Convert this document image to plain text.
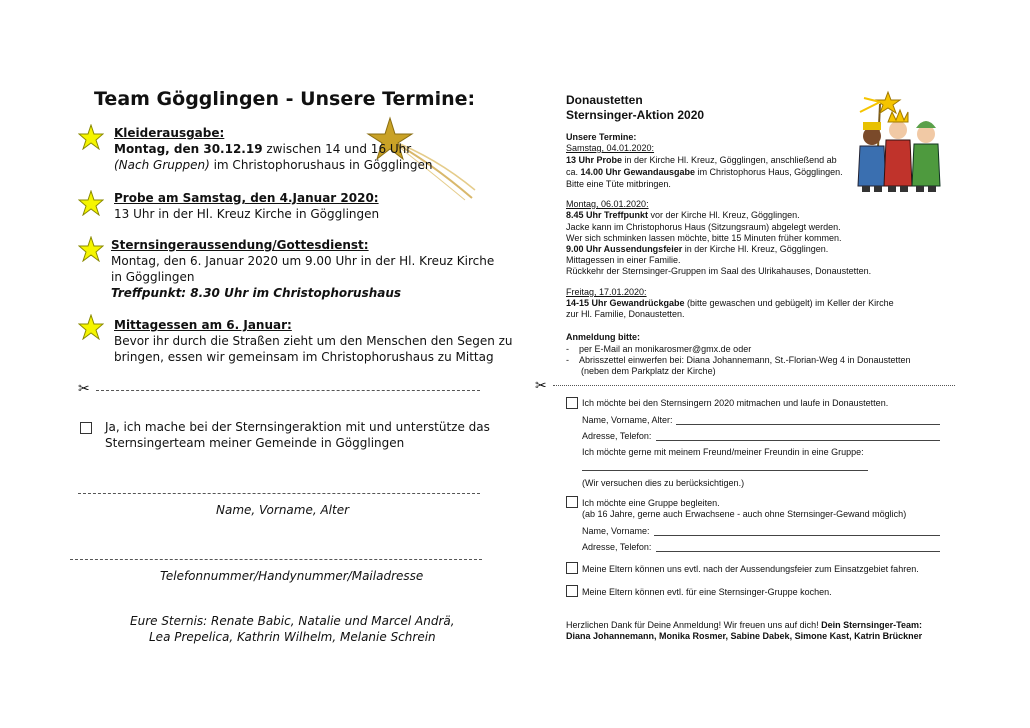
Team Gögglingen - Unsere Termine:
Kleiderausgabe:
Montag, den 30.12.19 zwischen 14 und 16 Uhr
(Nach Gruppen) im Christophorushaus in Gögglingen
Probe am Samstag, den 4.Januar 2020:
13 Uhr in der Hl. Kreuz Kirche in Gögglingen
Sternsingeraussendung/Gottesdienst:
Montag, den 6. Januar 2020 um 9.00 Uhr in der Hl. Kreuz Kirche
in Gögglingen
Treffpunkt: 8.30 Uhr im Christophorushaus
Mittagessen am 6. Januar:
Bevor ihr durch die Straßen zieht um den Menschen den Segen zu
bringen, essen wir gemeinsam im Christophorushaus zu Mittag
✂
Ja, ich mache bei der Sternsingeraktion mit und unterstütze das
Sternsingerteam meiner Gemeinde in Gögglingen
Name, Vorname, Alter
Telefonnummer/Handynummer/Mailadresse
Eure Sternis: Renate Babic, Natalie und Marcel Andrä,
Lea Prepelica, Kathrin Wilhelm, Melanie Schrein
Donaustetten
Sternsinger-Aktion 2020
Unsere Termine:
Samstag, 04.01.2020:
13 Uhr Probe in der Kirche Hl. Kreuz, Gögglingen, anschließend ab
ca. 14.00 Uhr Gewandausgabe im Christophorus Haus, Gögglingen.
Bitte eine Tüte mitbringen.
Montag, 06.01.2020:
8.45 Uhr Treffpunkt vor der Kirche Hl. Kreuz, Gögglingen.
Jacke kann im Christophorus Haus (Sitzungsraum) abgelegt werden.
Wer sich schminken lassen möchte, bitte 15 Minuten früher kommen.
9.00 Uhr Aussendungsfeier in der Kirche Hl. Kreuz, Gögglingen.
Mittagessen in einer Familie.
Rückkehr der Sternsinger-Gruppen im Saal des Ulrikahauses, Donaustetten.
Freitag, 17.01.2020:
14-15 Uhr Gewandrückgabe (bitte gewaschen und gebügelt) im Keller der Kirche
zur Hl. Familie, Donaustetten.
Anmeldung bitte:
-    per E-Mail an monikarosmer@gmx.de oder
-    Abrisszettel einwerfen bei: Diana Johannemann, St.-Florian-Weg 4 in Donaustetten
(neben dem Parkplatz der Kirche)
✂
Ich möchte bei den Sternsingern 2020 mitmachen und laufe in Donaustetten.
Name, Vorname, Alter:
Adresse, Telefon:
Ich möchte gerne mit meinem Freund/meiner Freundin in eine Gruppe:
(Wir versuchen dies zu berücksichtigen.)
Ich möchte eine Gruppe begleiten.
(ab 16 Jahre, gerne auch Erwachsene - auch ohne Sternsinger-Gewand möglich)
Name, Vorname:
Adresse, Telefon:
Meine Eltern können uns evtl. nach der Aussendungsfeier zum Einsatzgebiet fahren.
Meine Eltern können evtl. für eine Sternsinger-Gruppe kochen.
Herzlichen Dank für Deine Anmeldung! Wir freuen uns auf dich! Dein Sternsinger-Team:
Diana Johannemann, Monika Rosmer, Sabine Dabek, Simone Kast, Katrin Brückner
